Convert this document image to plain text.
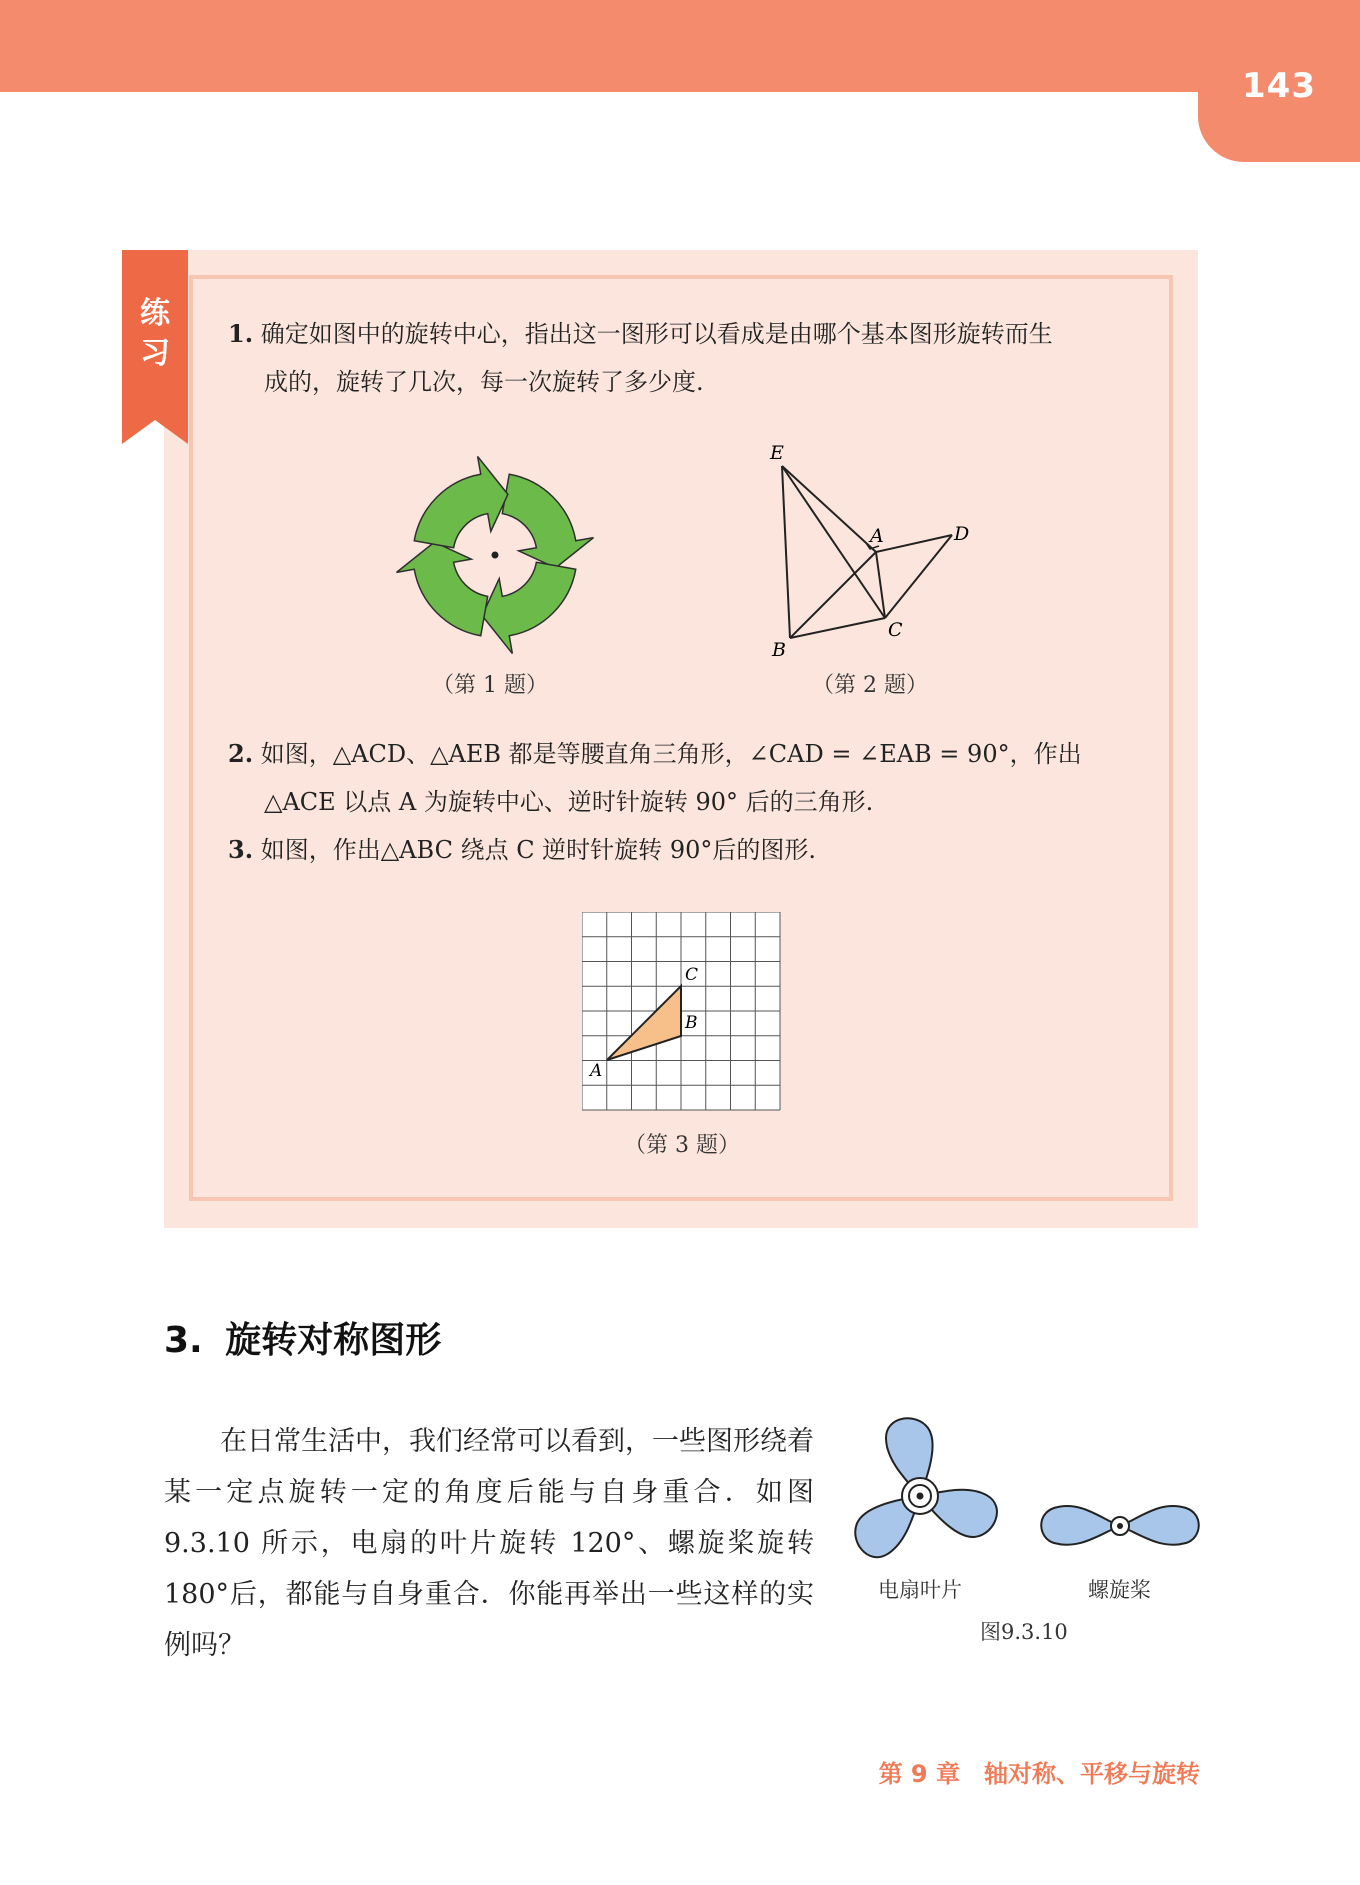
143
练
习
1. 确定如图中的旋转中心，指出这一图形可以看成是由哪个基本图形旋转而生
成的，旋转了几次，每一次旋转了多少度.
E
A	D
B
C
（第 1 题）	（第 2 题）
2. 如图，△ACD、△AEB 都是等腰直角三角形，∠CAD = ∠EAB = 90°，作出
△ACE 以点 A 为旋转中心、逆时针旋转 90° 后的三角形.
3. 如图，作出△ABC 绕点 C 逆时针旋转 90°后的图形.
A
B
C
（第 3 题）
3. 旋转对称图形
在日常生活中，我们经常可以看到，一些图形绕着某一定点旋转一定的角度后能与自身重合．如图 9.3.10 所示，电扇的叶片旋转 120°、螺旋桨旋转 180°后，都能与自身重合．你能再举出一些这样的实例吗？
电扇叶片	螺旋桨
图9.3.10
第 9 章　轴对称、平移与旋转
